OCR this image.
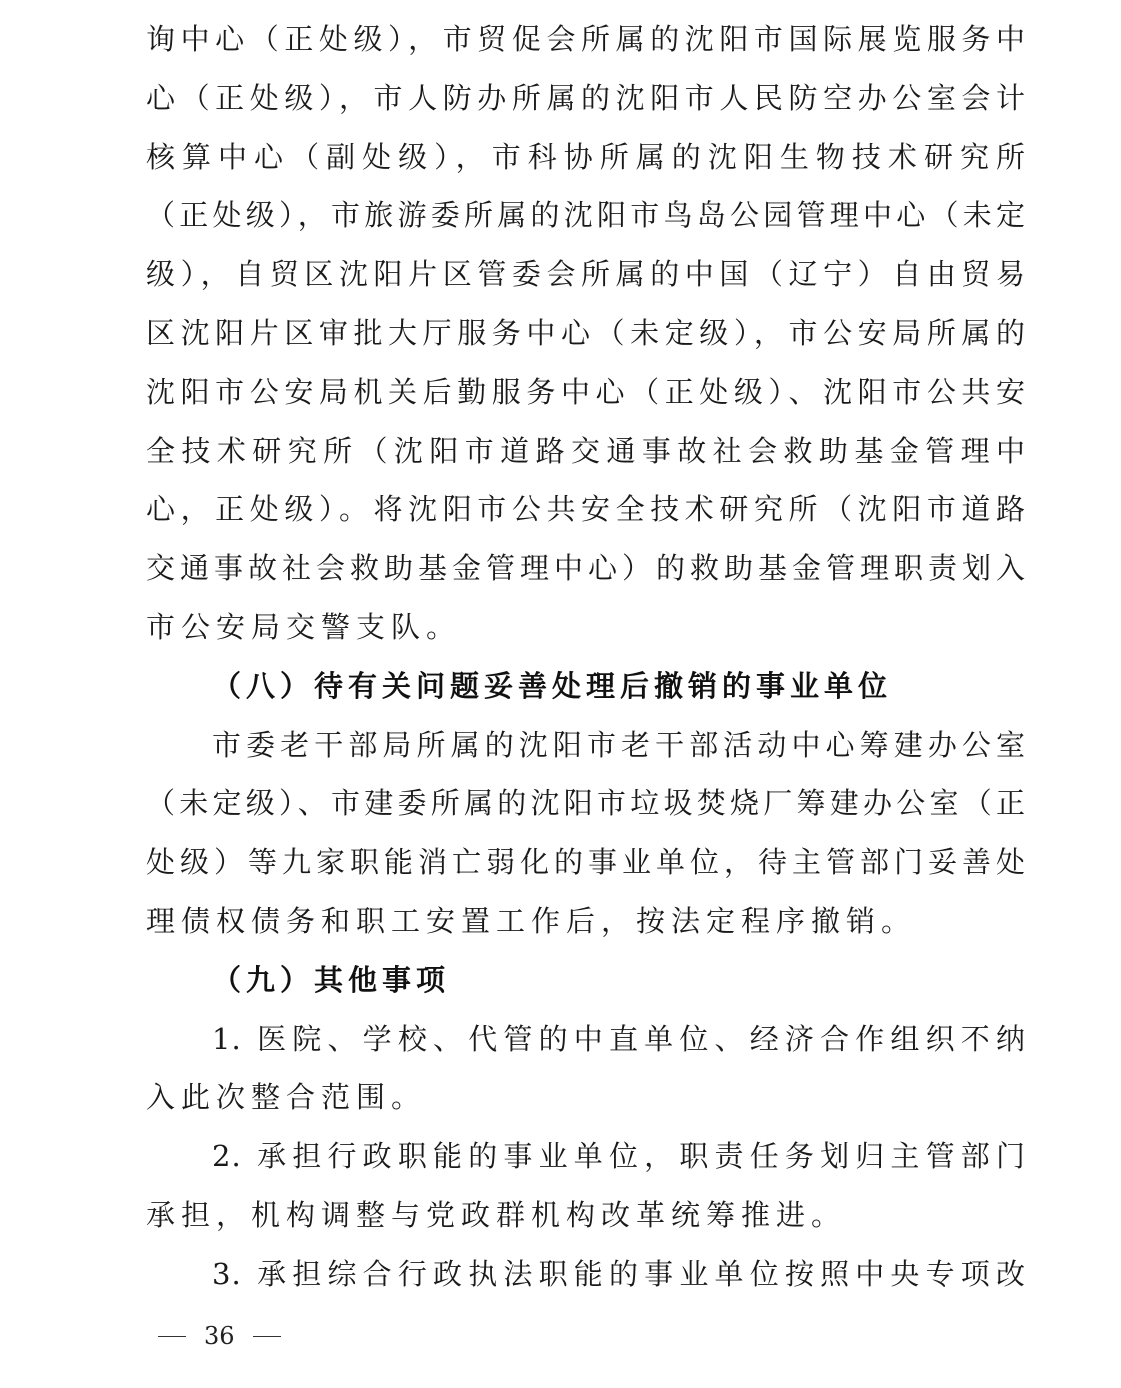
询中心（正处级），市贸促会所属的沈阳市国际展览服务中
心（正处级），市人防办所属的沈阳市人民防空办公室会计
核算中心（副处级），市科协所属的沈阳生物技术研究所
（正处级），市旅游委所属的沈阳市鸟岛公园管理中心（未定
级），自贸区沈阳片区管委会所属的中国（辽宁）自由贸易
区沈阳片区审批大厅服务中心（未定级），市公安局所属的
沈阳市公安局机关后勤服务中心（正处级）、沈阳市公共安
全技术研究所（沈阳市道路交通事故社会救助基金管理中
心，正处级）。将沈阳市公共安全技术研究所（沈阳市道路
交通事故社会救助基金管理中心）的救助基金管理职责划入
市公安局交警支队。
（八）待有关问题妥善处理后撤销的事业单位
市委老干部局所属的沈阳市老干部活动中心筹建办公室
（未定级）、市建委所属的沈阳市垃圾焚烧厂筹建办公室（正
处级）等九家职能消亡弱化的事业单位，待主管部门妥善处
理债权债务和职工安置工作后，按法定程序撤销。
（九）其他事项
1. 医院、学校、代管的中直单位、经济合作组织不纳
入此次整合范围。
2. 承担行政职能的事业单位，职责任务划归主管部门
承担，机构调整与党政群机构改革统筹推进。
3. 承担综合行政执法职能的事业单位按照中央专项改
36
